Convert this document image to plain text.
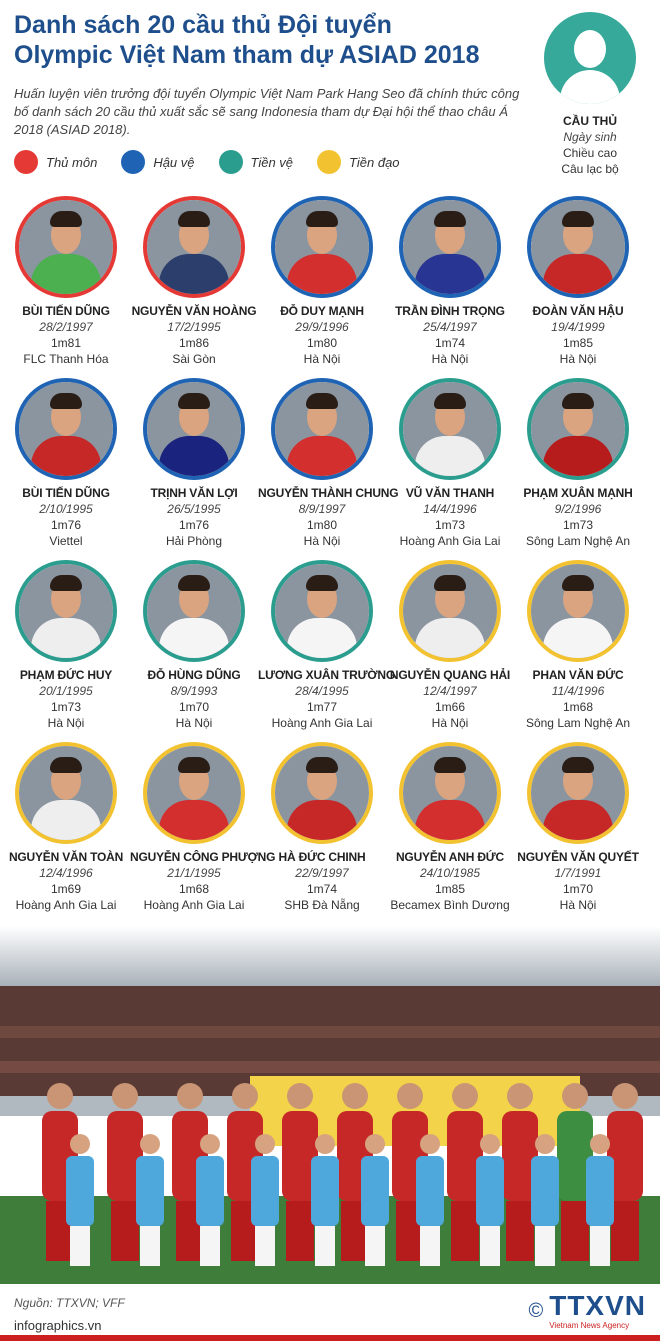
Danh sách 20 cầu thủ Đội tuyển
Olympic Việt Nam tham dự ASIAD 2018

Huấn luyện viên trưởng đội tuyển Olympic Việt Nam Park Hang Seo đã chính thức công bố danh sách 20 cầu thủ xuất sắc sẽ sang Indonesia tham dự Đại hội thể thao châu Á 2018 (ASIAD 2018).

CẦU THỦ
Ngày sinh
Chiều cao
Câu lạc bộ
Thủ môn	Hậu vệ	Tiền vệ	Tiền đạo
BÙI TIẾN DŨNG
28/2/1997
1m81
FLC Thanh Hóa
NGUYỄN VĂN HOÀNG
17/2/1995
1m86
Sài Gòn
ĐỖ DUY MẠNH
29/9/1996
1m80
Hà Nội
TRẦN ĐÌNH TRỌNG
25/4/1997
1m74
Hà Nội
ĐOÀN VĂN HẬU
19/4/1999
1m85
Hà Nội
BÙI TIẾN DŨNG
2/10/1995
1m76
Viettel
TRỊNH VĂN LỢI
26/5/1995
1m76
Hải Phòng
NGUYỄN THÀNH CHUNG
8/9/1997
1m80
Hà Nội
VŨ VĂN THANH
14/4/1996
1m73
Hoàng Anh Gia Lai
PHẠM XUÂN MẠNH
9/2/1996
1m73
Sông Lam Nghệ An
PHẠM ĐỨC HUY
20/1/1995
1m73
Hà Nội
ĐỖ HÙNG DŨNG
8/9/1993
1m70
Hà Nội
LƯƠNG XUÂN TRƯỜNG
28/4/1995
1m77
Hoàng Anh Gia Lai
NGUYỄN QUANG HẢI
12/4/1997
1m66
Hà Nội
PHAN VĂN ĐỨC
11/4/1996
1m68
Sông Lam Nghệ An
NGUYỄN VĂN TOÀN
12/4/1996
1m69
Hoàng Anh Gia Lai
NGUYỄN CÔNG PHƯỢNG
21/1/1995
1m68
Hoàng Anh Gia Lai
HÀ ĐỨC CHINH
22/9/1997
1m74
SHB Đà Nẵng
NGUYỄN ANH ĐỨC
24/10/1985
1m85
Becamex Bình Dương
NGUYỄN VĂN QUYẾT
1/7/1991
1m70
Hà Nội
Nguồn: TTXVN; VFF
infographics.vn
© TTXVN
Vietnam News Agency
